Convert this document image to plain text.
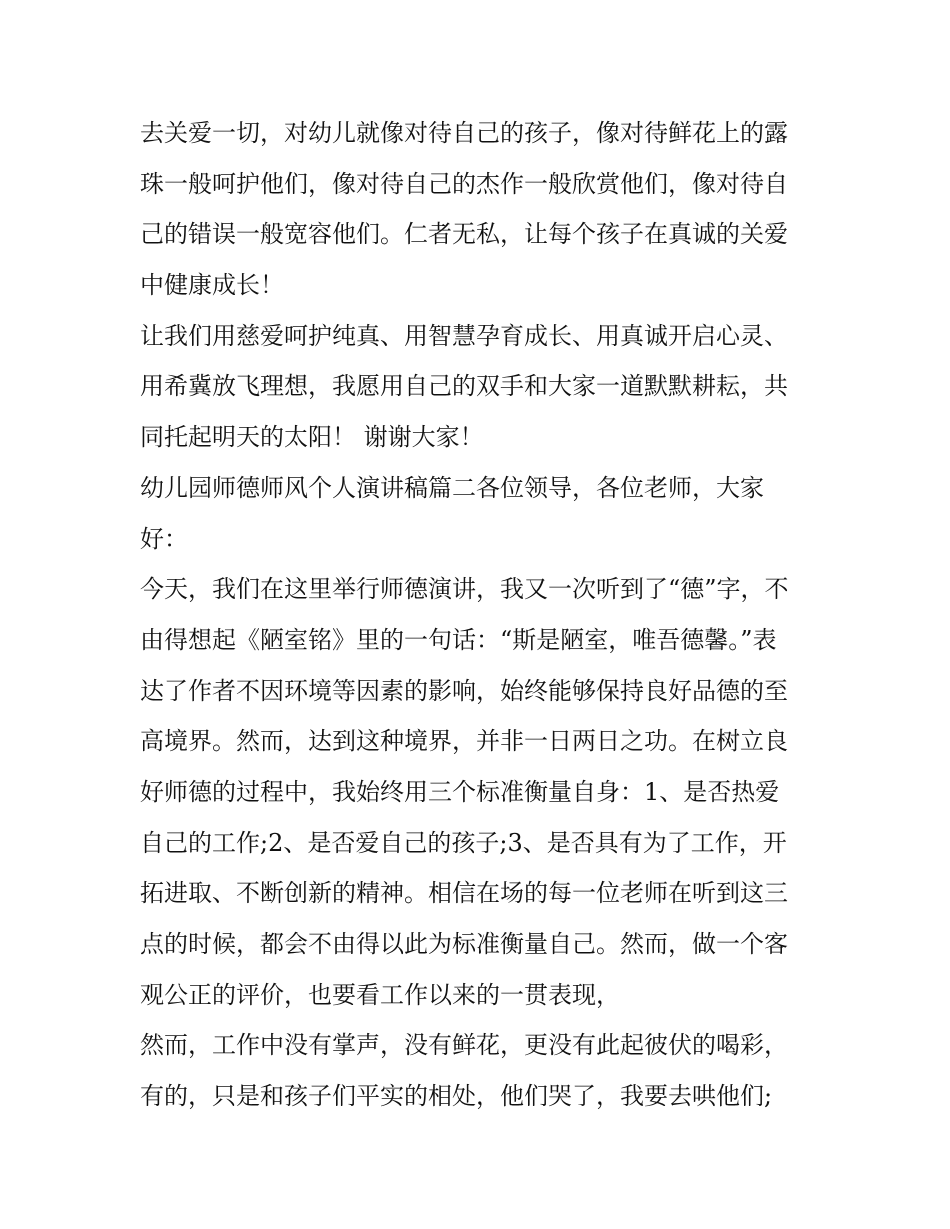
去关爱一切，对幼儿就像对待自己的孩子，像对待鲜花上的露
珠一般呵护他们，像对待自己的杰作一般欣赏他们，像对待自
己的错误一般宽容他们。仁者无私，让每个孩子在真诚的关爱
中健康成长！
让我们用慈爱呵护纯真、用智慧孕育成长、用真诚开启心灵、
用希冀放飞理想，我愿用自己的双手和大家一道默默耕耘，共
同托起明天的太阳！ 谢谢大家！
幼儿园师德师风个人演讲稿篇二各位领导，各位老师，大家
好：
今天，我们在这里举行师德演讲，我又一次听到了“德”字，不
由得想起《陋室铭》里的一句话：“斯是陋室，唯吾德馨。”表
达了作者不因环境等因素的影响，始终能够保持良好品德的至
高境界。然而，达到这种境界，并非一日两日之功。在树立良
好师德的过程中，我始终用三个标准衡量自身：1、是否热爱
自己的工作;2、是否爱自己的孩子;3、是否具有为了工作，开
拓进取、不断创新的精神。相信在场的每一位老师在听到这三
点的时候，都会不由得以此为标准衡量自己。然而，做一个客
观公正的评价，也要看工作以来的一贯表现，
然而，工作中没有掌声，没有鲜花，更没有此起彼伏的喝彩，
有的，只是和孩子们平实的相处，他们哭了，我要去哄他们;
